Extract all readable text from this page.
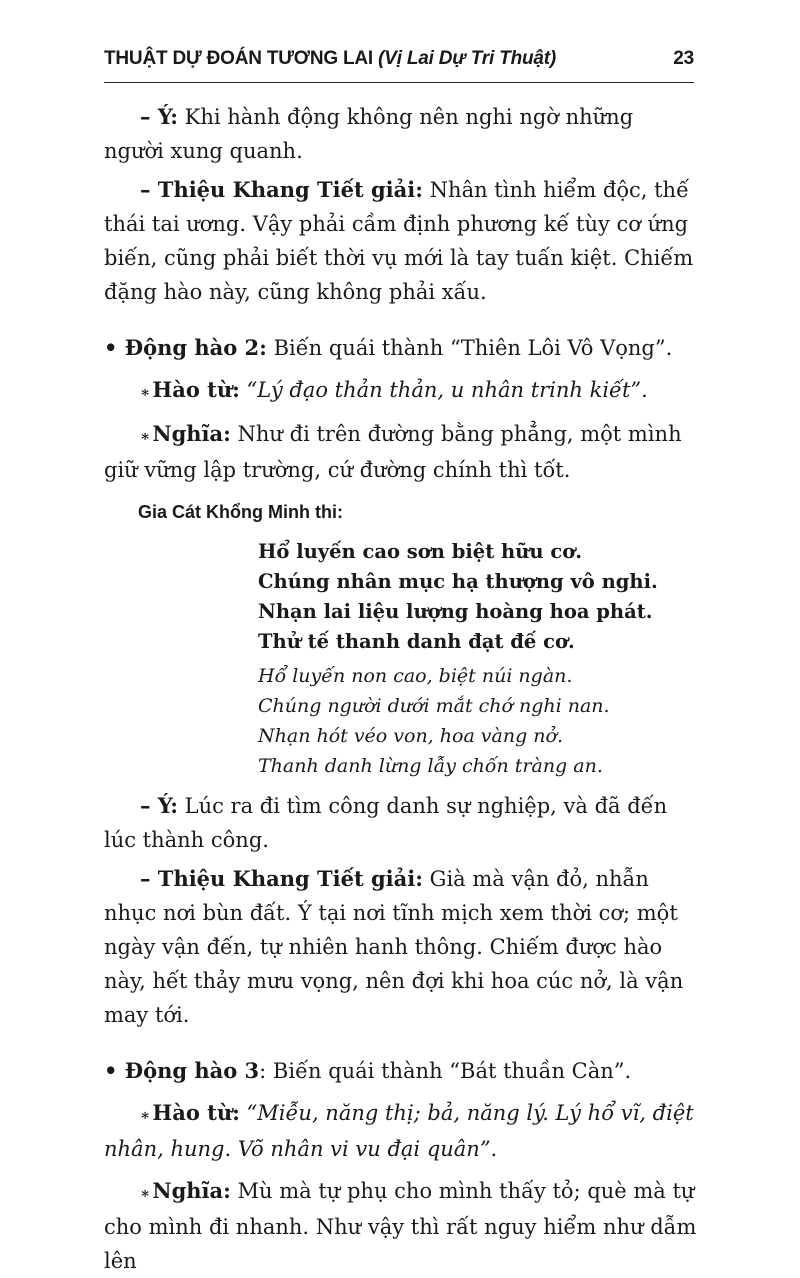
THUẬT DỰ ĐOÁN TƯƠNG LAI (Vị Lai Dự Tri Thuật)	23

– Ý: Khi hành động không nên nghi ngờ những người xung quanh.

– Thiệu Khang Tiết giải: Nhân tình hiểm độc, thế thái tai ương. Vậy phải cầm định phương kế tùy cơ ứng biến, cũng phải biết thời vụ mới là tay tuấn kiệt. Chiếm đặng hào này, cũng không phải xấu.

• Động hào 2: Biến quái thành “Thiên Lôi Vô Vọng”.

∗Hào từ: “Lý đạo thản thản, u nhân trinh kiết”.

∗Nghĩa: Như đi trên đường bằng phẳng, một mình giữ vững lập trường, cứ đường chính thì tốt.

Gia Cát Khổng Minh thi:
Hổ luyến cao sơn biệt hữu cơ.
Chúng nhân mục hạ thượng vô nghi.
Nhạn lai liệu lượng hoàng hoa phát.
Thử tế thanh danh đạt đế cơ.
Hổ luyến non cao, biệt núi ngàn.
Chúng người dưới mắt chớ nghi nan.
Nhạn hót véo von, hoa vàng nở.
Thanh danh lừng lẫy chốn tràng an.

– Ý: Lúc ra đi tìm công danh sự nghiệp, và đã đến lúc thành công.

– Thiệu Khang Tiết giải: Già mà vận đỏ, nhẫn nhục nơi bùn đất. Ý tại nơi tĩnh mịch xem thời cơ; một ngày vận đến, tự nhiên hanh thông. Chiếm được hào này, hết thảy mưu vọng, nên đợi khi hoa cúc nở, là vận may tới.

• Động hào 3: Biến quái thành “Bát thuần Càn”.

∗Hào từ: “Miễu, năng thị; bả, năng lý. Lý hổ vĩ, điệt nhân, hung. Võ nhân vi vu đại quân”.

∗Nghĩa: Mù mà tự phụ cho mình thấy tỏ; què mà tự cho mình đi nhanh. Như vậy thì rất nguy hiểm như dẫm lên
